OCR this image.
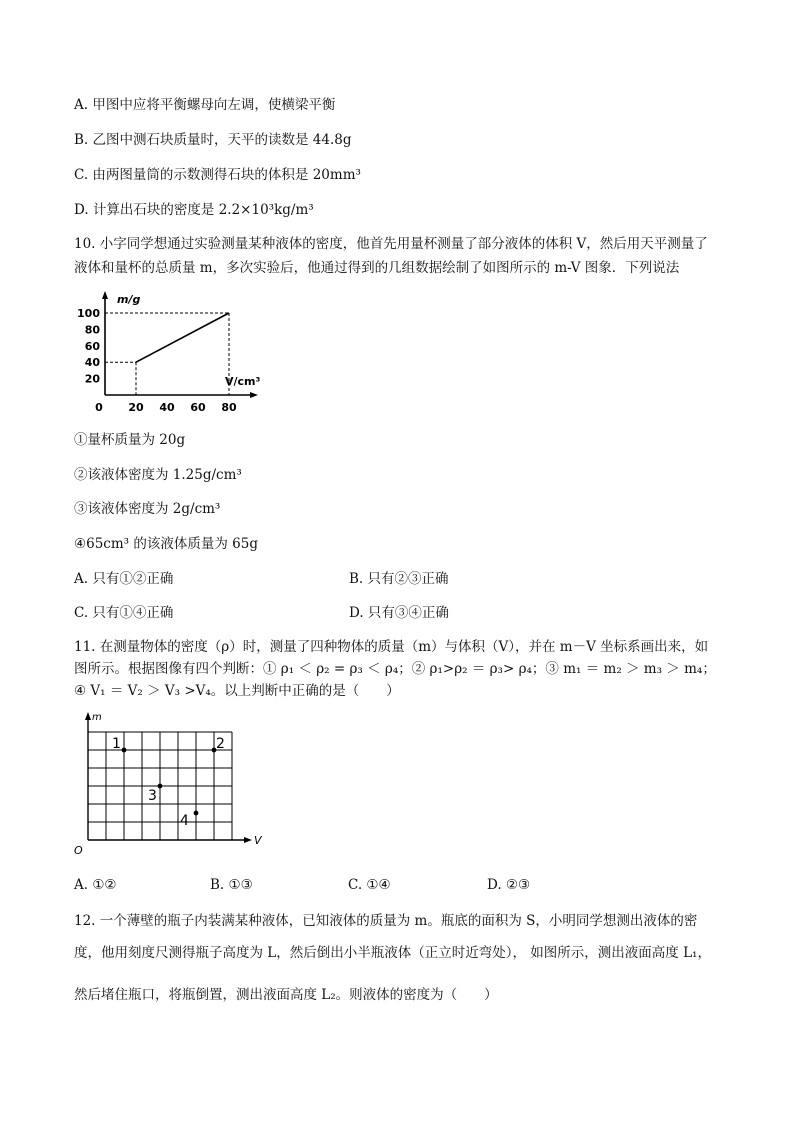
A. 甲图中应将平衡螺母向左调，使横梁平衡
B. 乙图中测石块质量时，天平的读数是 44.8g
C. 由两图量筒的示数测得石块的体积是 20mm³
D. 计算出石块的密度是 2.2×10³kg/m³
10. 小字同学想通过实验测量某种液体的密度，他首先用量杯测量了部分液体的体积 V，然后用天平测量了
液体和量杯的总质量 m，多次实验后，他通过得到的几组数据绘制了如图所示的 m-V 图象．下列说法
m/g
V/cm³
20
40
60
80
100
0 20 40 60 80
①量杯质量为 20g
②该液体密度为 1.25g/cm³
③该液体密度为 2g/cm³
④65cm³ 的该液体质量为 65g
A. 只有①②正确	B. 只有②③正确
C. 只有①④正确	D. 只有③④正确
11. 在测量物体的密度（ρ）时，测量了四种物体的质量（m）与体积（V），并在 m－V 坐标系画出来，如
图所示。根据图像有四个判断：① ρ₁ ＜ ρ₂ = ρ₃ ＜ ρ₄；② ρ₁>ρ₂ ＝ ρ₃> ρ₄；③ m₁ ＝ m₂ ＞ m₃ ＞ m₄；
④ V₁ ＝ V₂ ＞ V₃ >V₄。以上判断中正确的是（　　）
m
V
O
1	2
3
4
A. ①②	B. ①③	C. ①④	D. ②③
12. 一个薄壁的瓶子内装满某种液体，已知液体的质量为 m。瓶底的面积为 S，小明同学想测出液体的密
度，他用刻度尺测得瓶子高度为 L，然后倒出小半瓶液体（正立时近弯处）， 如图所示，测出液面高度 L₁，
然后堵住瓶口，将瓶倒置，测出液面高度 L₂。则液体的密度为（　　）
